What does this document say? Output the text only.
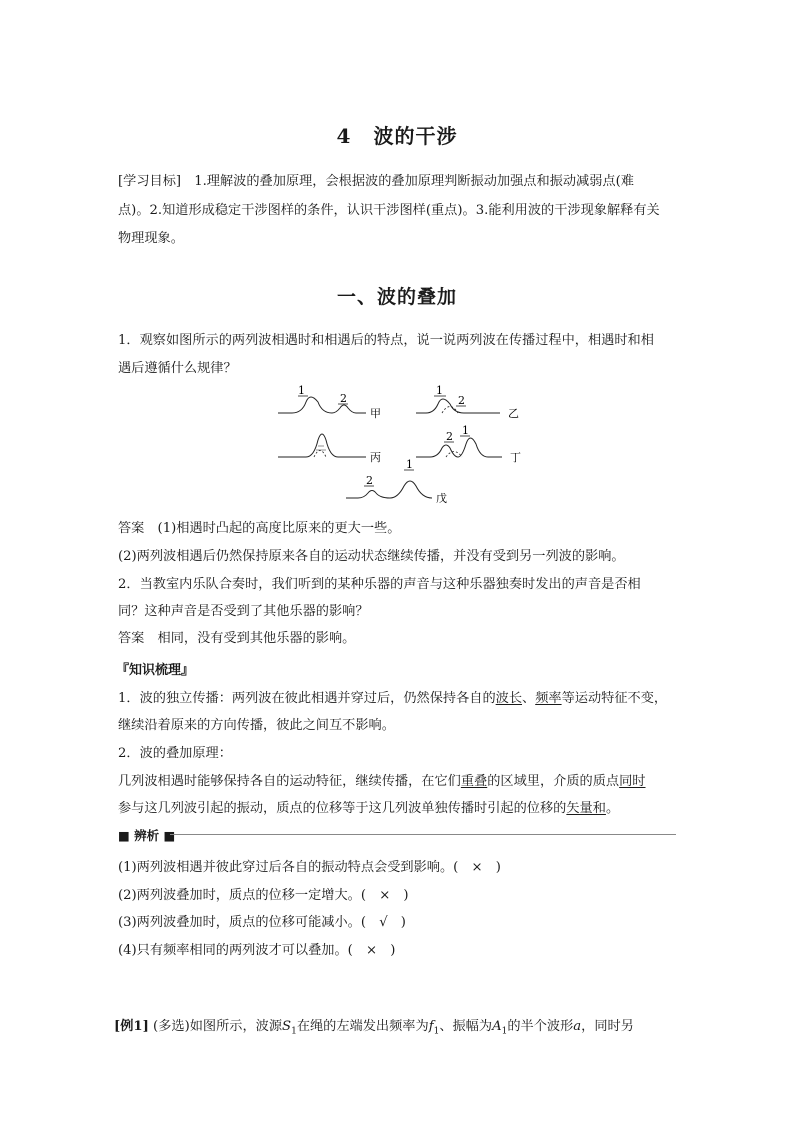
4 波的干涉
[学习目标]　1.理解波的叠加原理，会根据波的叠加原理判断振动加强点和振动减弱点(难
点)。2.知道形成稳定干涉图样的条件，认识干涉图样(重点)。3.能利用波的干涉现象解释有关
物理现象。
一、波的叠加
1．观察如图所示的两列波相遇时和相遇后的特点，说一说两列波在传播过程中，相遇时和相
遇后遵循什么规律？
1
2
甲
1
2
乙
丙
2 1
丁
2
1
戊
答案　(1)相遇时凸起的高度比原来的更大一些。
(2)两列波相遇后仍然保持原来各自的运动状态继续传播，并没有受到另一列波的影响。
2．当教室内乐队合奏时，我们听到的某种乐器的声音与这种乐器独奏时发出的声音是否相
同？这种声音是否受到了其他乐器的影响？
答案　相同，没有受到其他乐器的影响。
『知识梳理』
1．波的独立传播：两列波在彼此相遇并穿过后，仍然保持各自的波长、频率等运动特征不变，
继续沿着原来的方向传播，彼此之间互不影响。
2．波的叠加原理：
几列波相遇时能够保持各自的运动特征，继续传播，在它们重叠的区域里，介质的质点同时
参与这几列波引起的振动，质点的位移等于这几列波单独传播时引起的位移的矢量和。
■ 辨析 ■
(1)两列波相遇并彼此穿过后各自的振动特点会受到影响。(　×　)
(2)两列波叠加时，质点的位移一定增大。(　×　)
(3)两列波叠加时，质点的位移可能减小。(　√　)
(4)只有频率相同的两列波才可以叠加。(　×　)
[例1] (多选)如图所示，波源$S_1$在绳的左端发出频率为$f_1$、振幅为$A_1$的半个波形a，同时另
